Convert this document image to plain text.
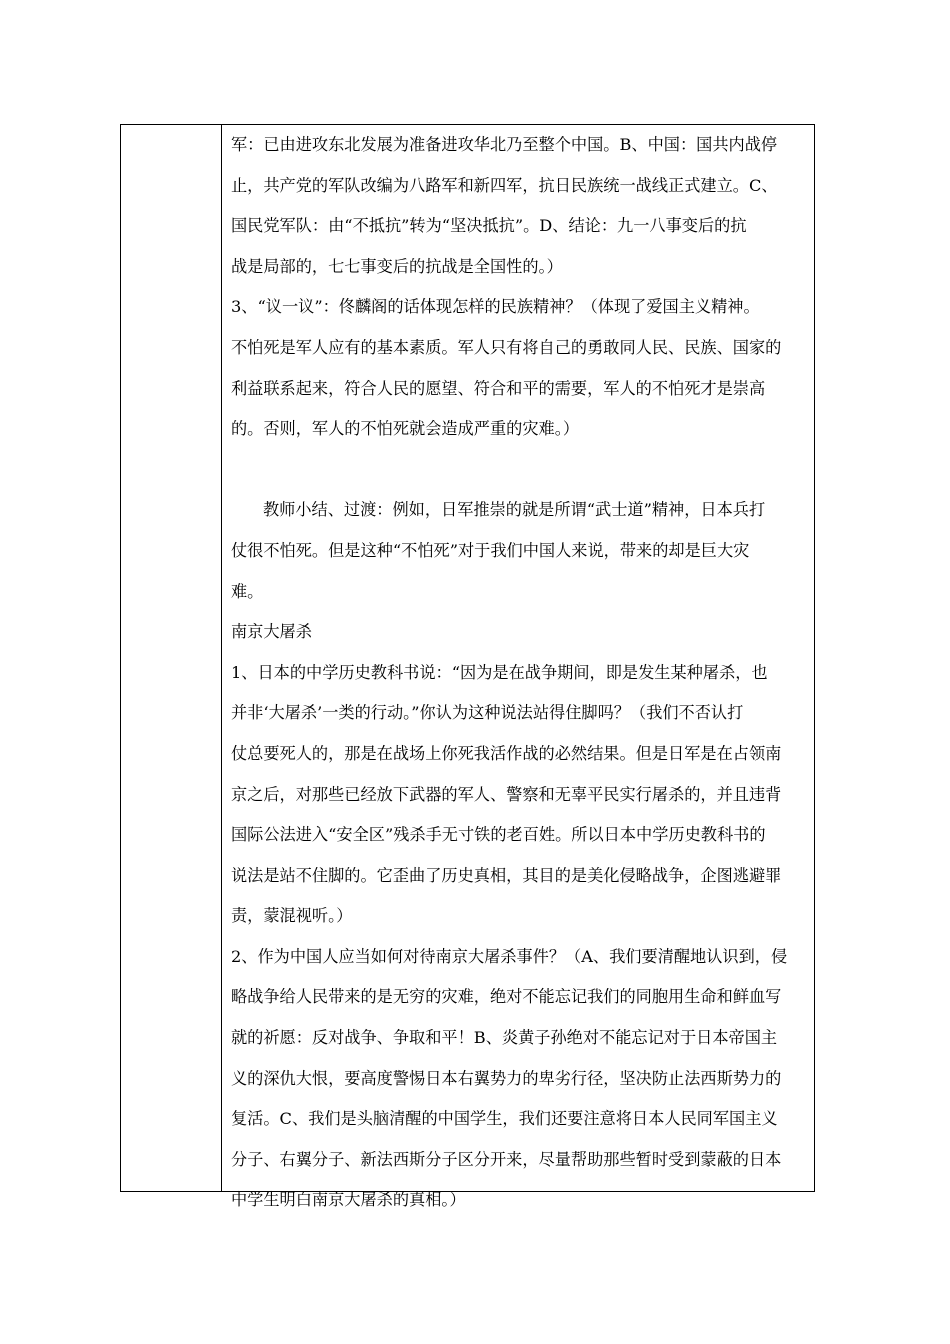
军：已由进攻东北发展为准备进攻华北乃至整个中国。B、中国：国共内战停
止，共产党的军队改编为八路军和新四军，抗日民族统一战线正式建立。C、
国民党军队：由“不抵抗”转为“坚决抵抗”。D、结论：九一八事变后的抗
战是局部的，七七事变后的抗战是全国性的。）
3、“议一议”：佟麟阁的话体现怎样的民族精神？（体现了爱国主义精神。
不怕死是军人应有的基本素质。军人只有将自己的勇敢同人民、民族、国家的
利益联系起来，符合人民的愿望、符合和平的需要，军人的不怕死才是崇高
的。否则，军人的不怕死就会造成严重的灾难。）
教师小结、过渡：例如，日军推崇的就是所谓“武士道”精神，日本兵打
仗很不怕死。但是这种“不怕死”对于我们中国人来说，带来的却是巨大灾
难。
南京大屠杀
1、日本的中学历史教科书说：“因为是在战争期间，即是发生某种屠杀，也
并非‘大屠杀’一类的行动。”你认为这种说法站得住脚吗？（我们不否认打
仗总要死人的，那是在战场上你死我活作战的必然结果。但是日军是在占领南
京之后，对那些已经放下武器的军人、警察和无辜平民实行屠杀的，并且违背
国际公法进入“安全区”残杀手无寸铁的老百姓。所以日本中学历史教科书的
说法是站不住脚的。它歪曲了历史真相，其目的是美化侵略战争，企图逃避罪
责，蒙混视听。）
2、作为中国人应当如何对待南京大屠杀事件？（A、我们要清醒地认识到，侵
略战争给人民带来的是无穷的灾难，绝对不能忘记我们的同胞用生命和鲜血写
就的祈愿：反对战争、争取和平！B、炎黄子孙绝对不能忘记对于日本帝国主
义的深仇大恨，要高度警惕日本右翼势力的卑劣行径，坚决防止法西斯势力的
复活。C、我们是头脑清醒的中国学生，我们还要注意将日本人民同军国主义
分子、右翼分子、新法西斯分子区分开来，尽量帮助那些暂时受到蒙蔽的日本
中学生明白南京大屠杀的真相。）
